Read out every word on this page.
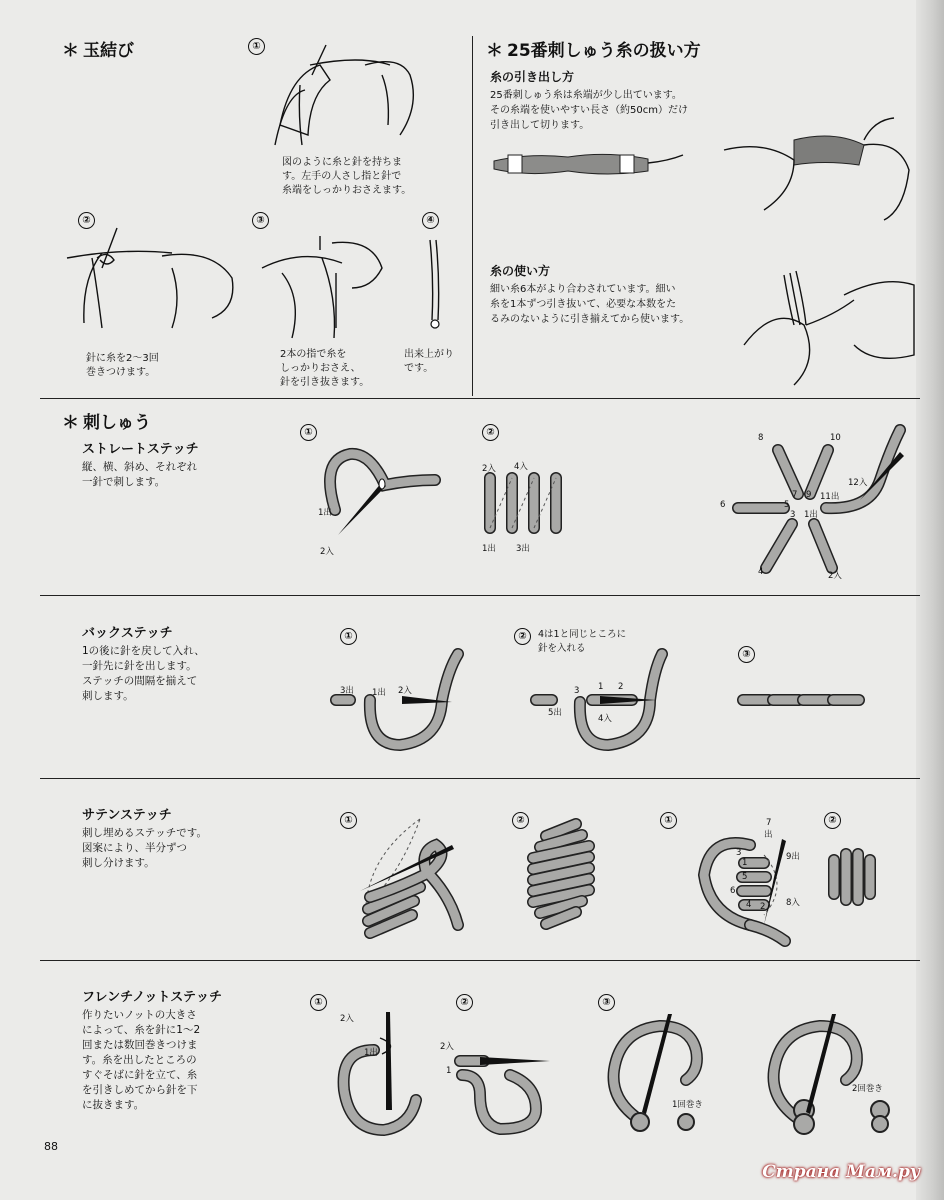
＊ 玉結び	①
②	③	④
図のように糸と針を持ちま
す。左手の人さし指と針で
糸端をしっかりおさえます。
針に糸を2〜3回
巻きつけます。
2本の指で糸を
しっかりおさえ、
針を引き抜きます。
出来上がり
です。
＊ 25番刺しゅう糸の扱い方
糸の引き出し方
25番刺しゅう糸は糸端が少し出ています。
その糸端を使いやすい長さ（約50cm）だけ
引き出して切ります。
糸の使い方
細い糸6本がより合わされています。細い
糸を1本ずつ引き抜いて、必要な本数をた
るみのないように引き揃えてから使います。
＊ 刺しゅう
ストレートステッチ
縦、横、斜め、それぞれ
一針で刺します。
①	②
1出
2入
2入 4入
1出 3出
8	10
12入
6
7 9 11出
5
3 1出
4	2入
バックステッチ
1の後に針を戻して入れ、
一針先に針を出します。
ステッチの間隔を揃えて
刺します。
①	②
③
4は1と同じところに
針を入れる
3出 1出 2入	3 1 2
5出
4入
サテンステッチ
刺し埋めるステッチです。
図案により、半分ずつ
刺し分けます。
①	②	①	②
7
出
9出
3
1
5
6
4 2 8入
フレンチノットステッチ
作りたいノットの大きさ
によって、糸を針に1〜2
回または数回巻きつけま
す。糸を出したところの
すぐそばに針を立て、糸
を引きしめてから針を下
に抜きます。
①	②	③
2入
1出
2入
1
1回巻き
2回巻き
88
Страна Мам.ру
